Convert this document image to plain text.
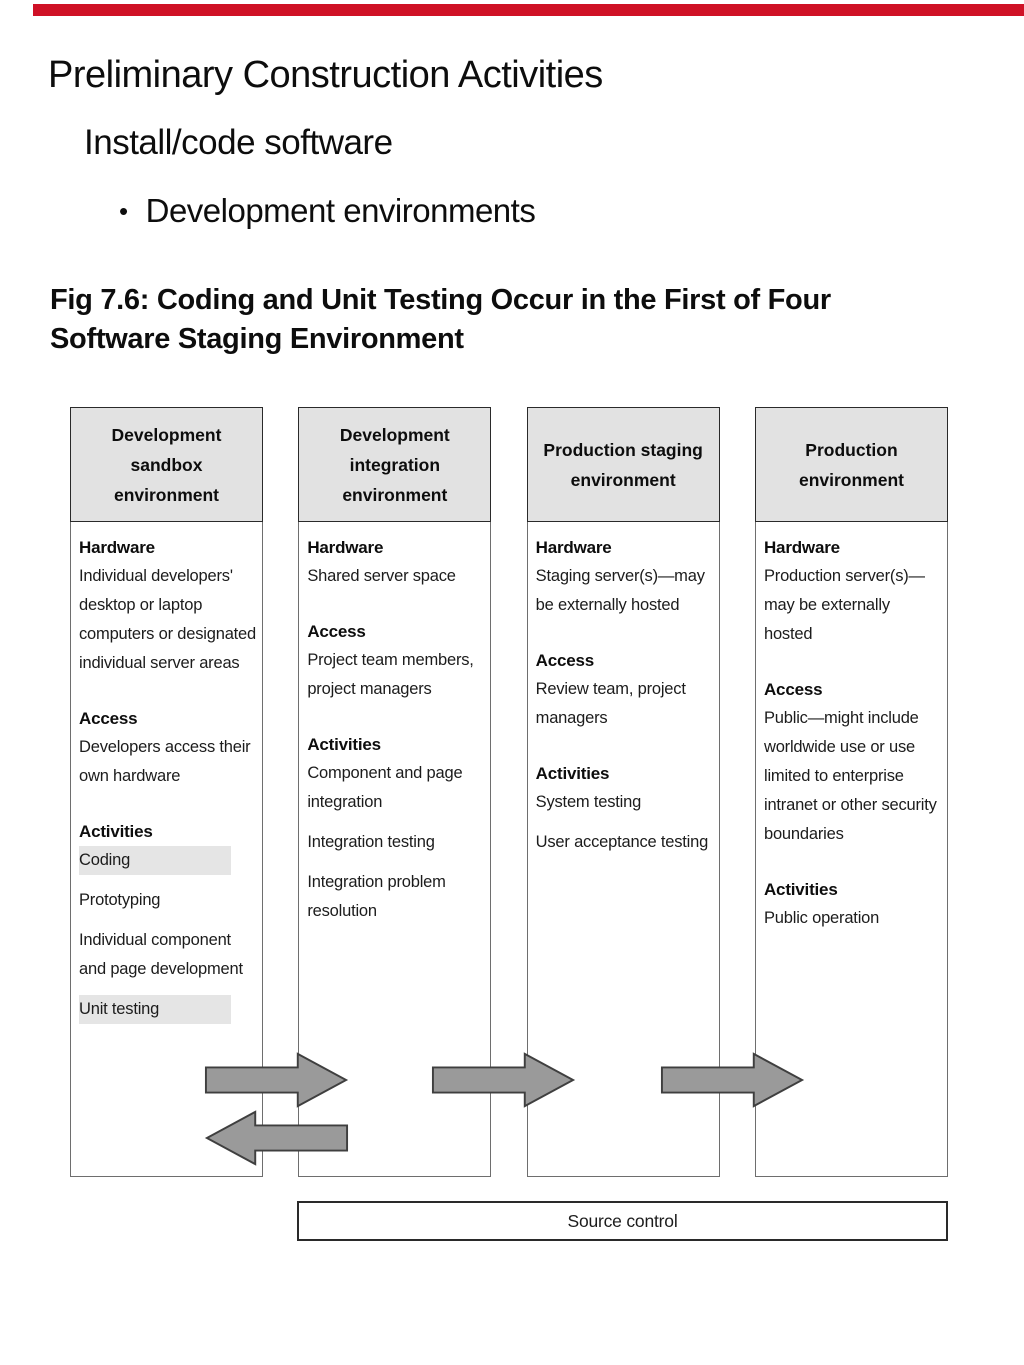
Preliminary Construction Activities
Install/code software
• Development environments
Fig 7.6: Coding and Unit Testing Occur in the First of Four Software Staging Environment
Development sandbox environment
Hardware
Individual developers' desktop or laptop computers or designated individual server areas
Access
Developers access their own hardware
Activities
Coding
Prototyping
Individual component and page development
Unit testing
Development integration environment
Hardware
Shared server space
Access
Project team members, project managers
Activities
Component and page integration
Integration testing
Integration problem resolution
Production staging environment
Hardware
Staging server(s)—may be externally hosted
Access
Review team, project managers
Activities
System testing
User acceptance testing
Production environment
Hardware
Production server(s)—may be externally hosted
Access
Public—might include worldwide use or use limited to enterprise intranet or other security boundaries
Activities
Public operation
Source control
